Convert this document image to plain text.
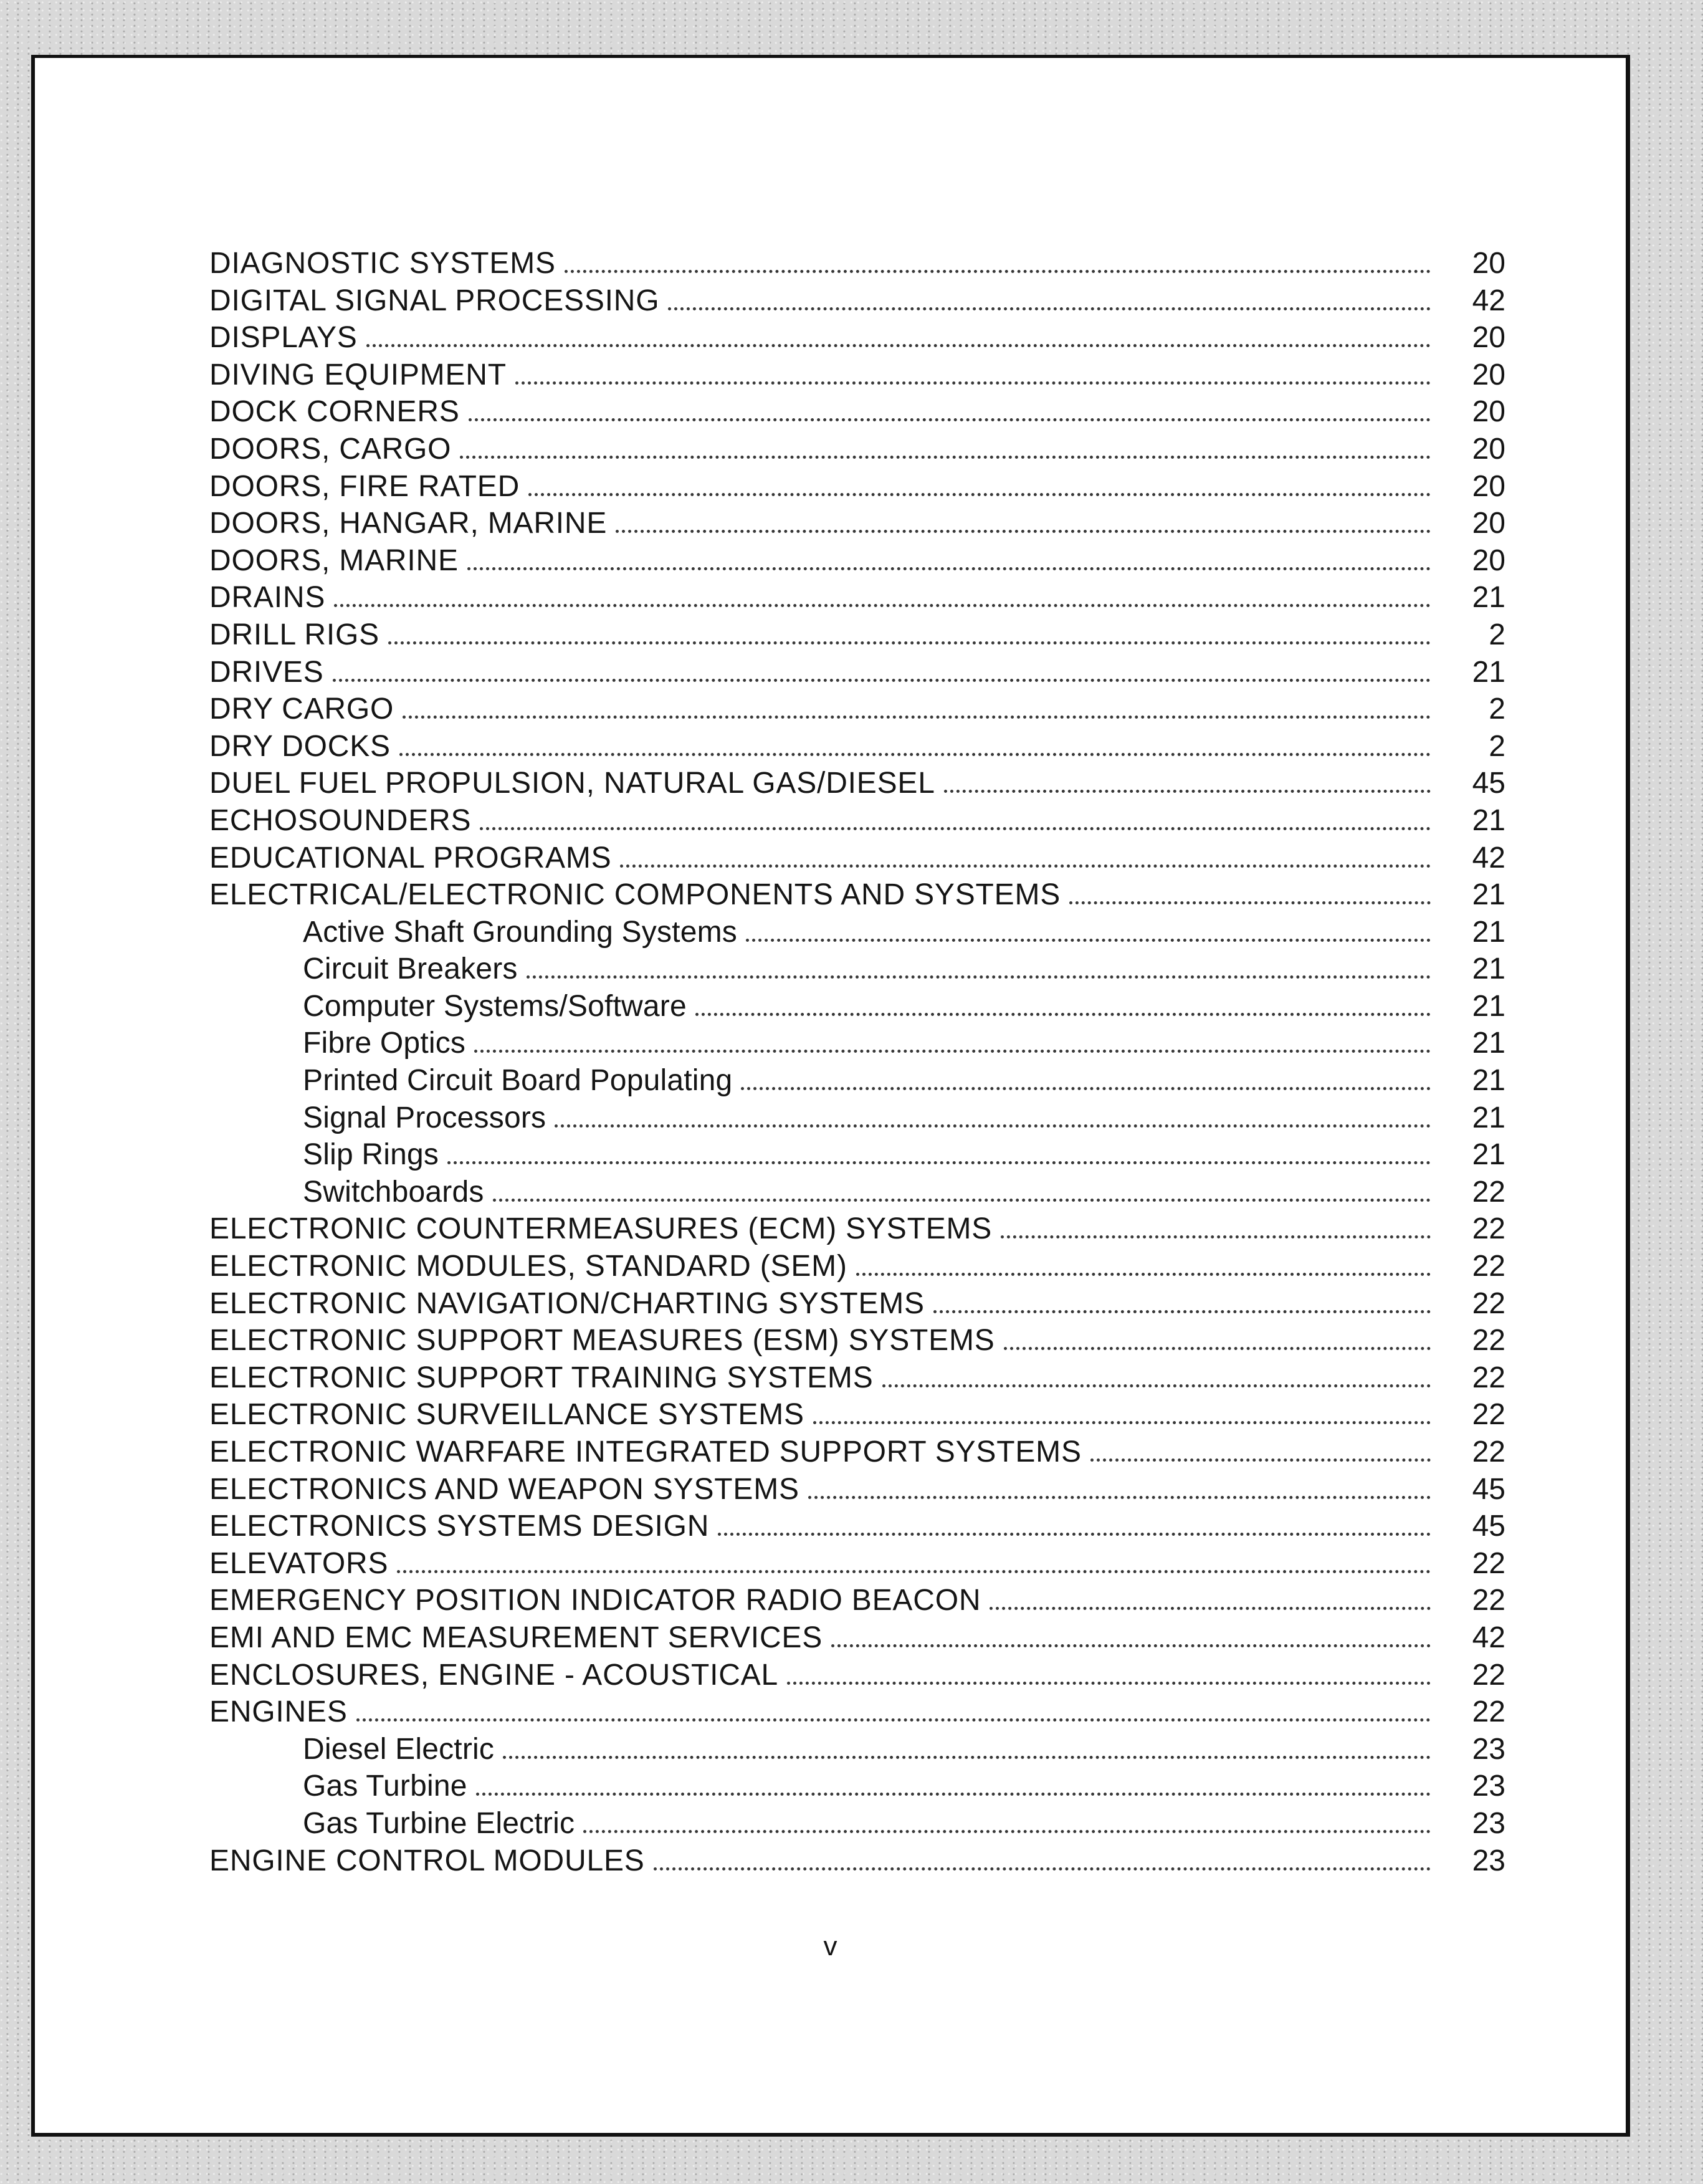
DIAGNOSTIC SYSTEMS	20
DIGITAL SIGNAL PROCESSING	42
DISPLAYS	20
DIVING EQUIPMENT	20
DOCK CORNERS	20
DOORS, CARGO	20
DOORS, FIRE RATED	20
DOORS, HANGAR, MARINE	20
DOORS, MARINE	20
DRAINS	21
DRILL RIGS	2
DRIVES	21
DRY CARGO	2
DRY DOCKS	2
DUEL FUEL PROPULSION, NATURAL GAS/DIESEL	45
ECHOSOUNDERS	21
EDUCATIONAL PROGRAMS	42
ELECTRICAL/ELECTRONIC COMPONENTS AND SYSTEMS	21
Active Shaft Grounding Systems	21
Circuit Breakers	21
Computer Systems/Software	21
Fibre Optics	21
Printed Circuit Board Populating	21
Signal Processors	21
Slip Rings	21
Switchboards	22
ELECTRONIC COUNTERMEASURES (ECM) SYSTEMS	22
ELECTRONIC MODULES, STANDARD (SEM)	22
ELECTRONIC NAVIGATION/CHARTING SYSTEMS	22
ELECTRONIC SUPPORT MEASURES (ESM) SYSTEMS	22
ELECTRONIC SUPPORT TRAINING SYSTEMS	22
ELECTRONIC SURVEILLANCE SYSTEMS	22
ELECTRONIC WARFARE INTEGRATED SUPPORT SYSTEMS	22
ELECTRONICS AND WEAPON SYSTEMS	45
ELECTRONICS SYSTEMS DESIGN	45
ELEVATORS	22
EMERGENCY POSITION INDICATOR RADIO BEACON	22
EMI AND EMC MEASUREMENT SERVICES	42
ENCLOSURES, ENGINE - ACOUSTICAL	22
ENGINES	22
Diesel Electric	23
Gas Turbine	23
Gas Turbine Electric	23
ENGINE CONTROL MODULES	23
v
